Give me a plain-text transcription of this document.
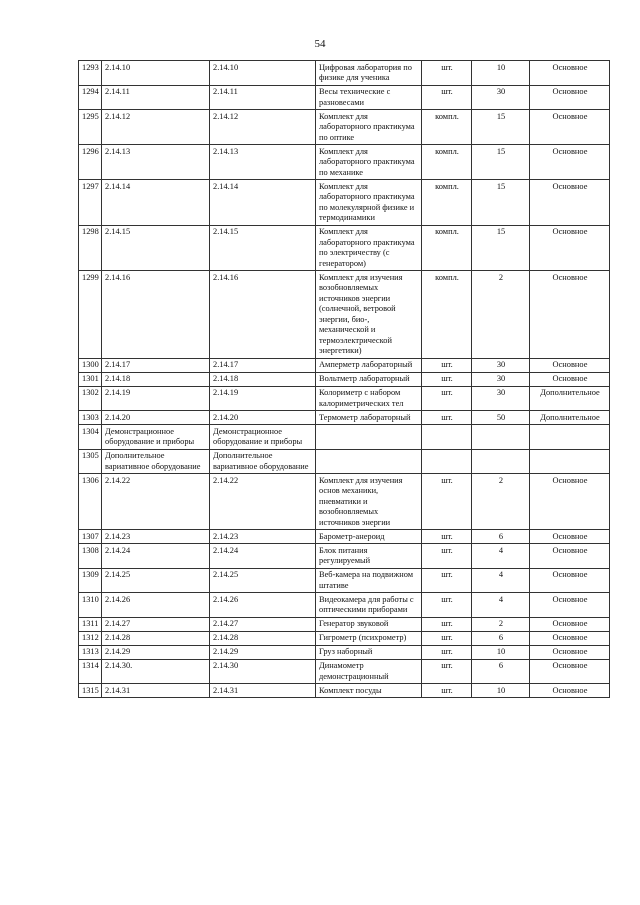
54
1293	2.14.10	2.14.10	Цифровая лаборатория по физике для ученика	шт.	10	Основное
1294	2.14.11	2.14.11	Весы технические с разновесами	шт.	30	Основное
1295	2.14.12	2.14.12	Комплект для лабораторного практикума по оптике	компл.	15	Основное
1296	2.14.13	2.14.13	Комплект для лабораторного практикума по механике	компл.	15	Основное
1297	2.14.14	2.14.14	Комплект для лабораторного практикума по молекулярной физике и термодинамики	компл.	15	Основное
1298	2.14.15	2.14.15	Комплект для лабораторного практикума по электричеству (с генератором)	компл.	15	Основное
1299	2.14.16	2.14.16	Комплект для изучения возобновляемых источников энергии (солнечной, ветровой энергии, био-, механической и термоэлектрической энергетики)	компл.	2	Основное
1300	2.14.17	2.14.17	Амперметр лабораторный	шт.	30	Основное
1301	2.14.18	2.14.18	Вольтметр лабораторный	шт.	30	Основное
1302	2.14.19	2.14.19	Колориметр с набором калориметрических тел	шт.	30	Дополнительное
1303	2.14.20	2.14.20	Термометр лабораторный	шт.	50	Дополнительное
1304	Демонстрационное оборудование и приборы	Демонстрационное оборудование и приборы				
1305	Дополнительное вариативное оборудование	Дополнительное вариативное оборудование				
1306	2.14.22	2.14.22	Комплект для изучения основ механики, пневматики и возобновляемых источников энергии	шт.	2	Основное
1307	2.14.23	2.14.23	Барометр-анероид	шт.	6	Основное
1308	2.14.24	2.14.24	Блок питания регулируемый	шт.	4	Основное
1309	2.14.25	2.14.25	Веб-камера на подвижном штативе	шт.	4	Основное
1310	2.14.26	2.14.26	Видеокамера для работы с оптическими приборами	шт.	4	Основное
1311	2.14.27	2.14.27	Генератор звуковой	шт.	2	Основное
1312	2.14.28	2.14.28	Гигрометр (психрометр)	шт.	6	Основное
1313	2.14.29	2.14.29	Груз наборный	шт.	10	Основное
1314	2.14.30.	2.14.30	Динамометр демонстрационный	шт.	6	Основное
1315	2.14.31	2.14.31	Комплект посуды	шт.	10	Основное
